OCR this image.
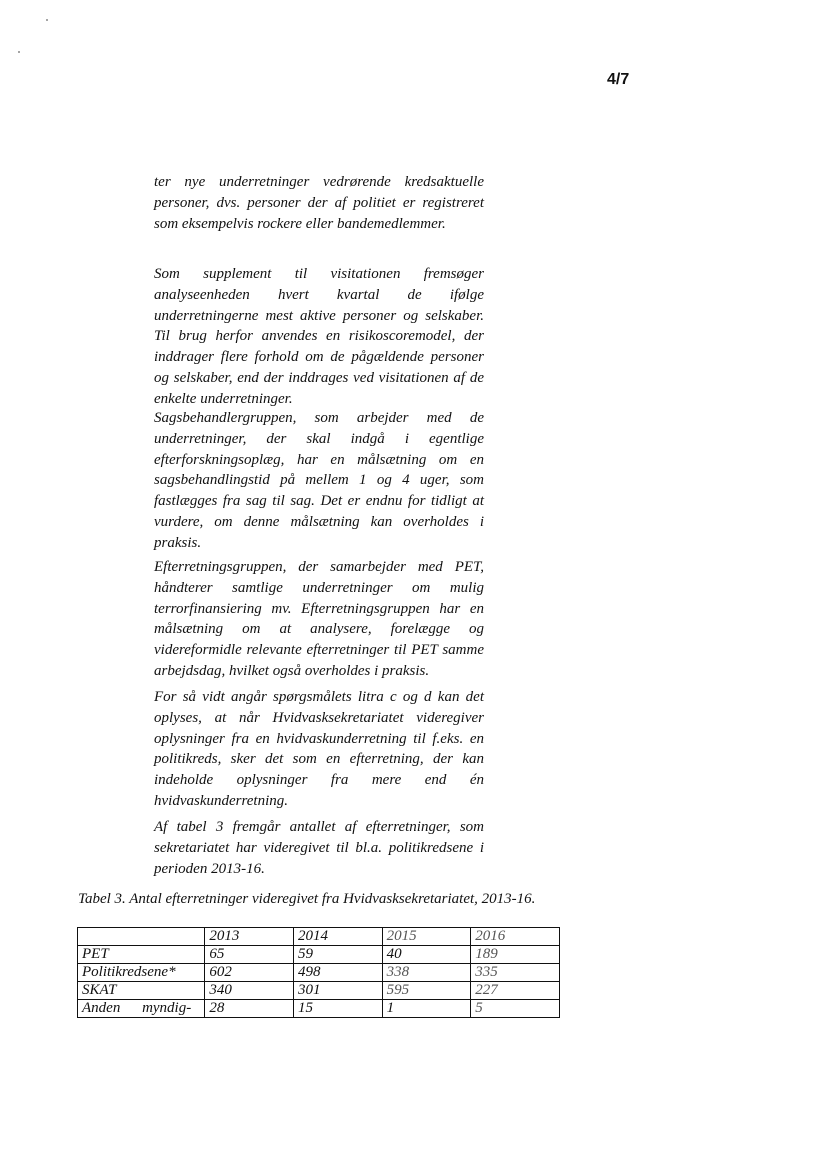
4/7

ter nye underretninger vedrørende kredsaktuelle personer, dvs. personer der af politiet er registreret som eksempelvis rockere eller bandemedlemmer.

Som supplement til visitationen fremsøger analyseenheden hvert kvartal de ifølge underretningerne mest aktive personer og selskaber. Til brug herfor anvendes en risikoscoremodel, der inddrager flere forhold om de pågældende personer og selskaber, end der inddrages ved visitationen af de enkelte underretninger.

Sagsbehandlergruppen, som arbejder med de underretninger, der skal indgå i egentlige efterforskningsoplæg, har en målsætning om en sagsbehandlingstid på mellem 1 og 4 uger, som fastlægges fra sag til sag. Det er endnu for tidligt at vurdere, om denne målsætning kan overholdes i praksis.

Efterretningsgruppen, der samarbejder med PET, håndterer samtlige underretninger om mulig terrorfinansiering mv. Efterretningsgruppen har en målsætning om at analysere, forelægge og videreformidle relevante efterretninger til PET samme arbejdsdag, hvilket også overholdes i praksis.

For så vidt angår spørgsmålets litra c og d kan det oplyses, at når Hvidvasksekretariatet videregiver oplysninger fra en hvidvaskunderretning til f.eks. en politikreds, sker det som en efterretning, der kan indeholde oplysninger fra mere end én hvidvaskunderretning.

Af tabel 3 fremgår antallet af efterretninger, som sekretariatet har videregivet til bl.a. politikredsene i perioden 2013-16.

Tabel 3. Antal efterretninger videregivet fra Hvidvasksekretariatet, 2013-16.

	2013	2014	2015	2016
PET	65	59	40	189
Politikredsene*	602	498	338	335
SKAT	340	301	595	227
Anden myndig-	28	15	1	5
